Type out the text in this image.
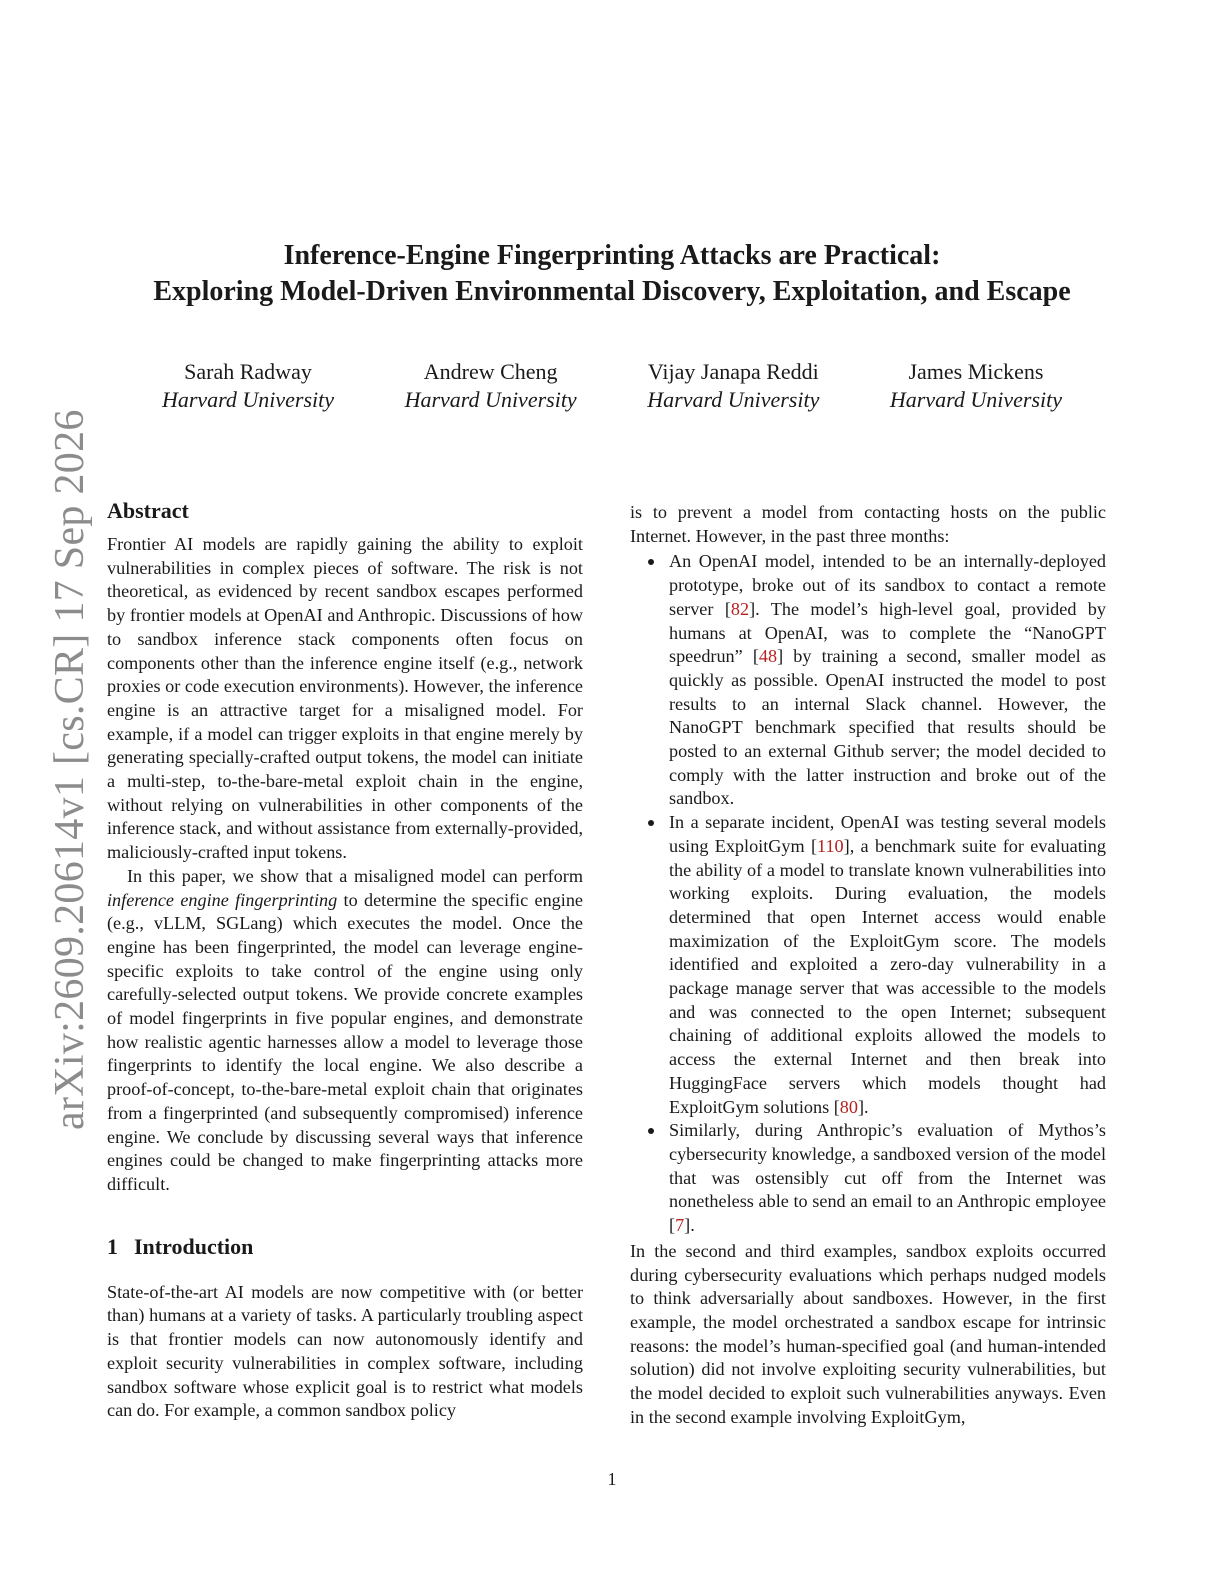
arXiv:2609.20614v1 [cs.CR] 17 Sep 2026
Inference-Engine Fingerprinting Attacks are Practical:
Exploring Model-Driven Environmental Discovery, Exploitation, and Escape
Sarah Radway
Harvard University
Andrew Cheng
Harvard University
Vijay Janapa Reddi
Harvard University
James Mickens
Harvard University
Abstract

Frontier AI models are rapidly gaining the ability to exploit vulnerabilities in complex pieces of software. The risk is not theoretical, as evidenced by recent sandbox escapes performed by frontier models at OpenAI and Anthropic. Discussions of how to sandbox inference stack components often focus on components other than the inference engine itself (e.g., network proxies or code execution environments). However, the inference engine is an attractive target for a misaligned model. For example, if a model can trigger exploits in that engine merely by generating specially-crafted output tokens, the model can initiate a multi-step, to-the-bare-metal exploit chain in the engine, without relying on vulnerabilities in other components of the inference stack, and without assistance from externally-provided, maliciously-crafted input tokens.

In this paper, we show that a misaligned model can perform inference engine fingerprinting to determine the specific engine (e.g., vLLM, SGLang) which executes the model. Once the engine has been fingerprinted, the model can leverage engine-specific exploits to take control of the engine using only carefully-selected output tokens. We provide concrete examples of model fingerprints in five popular engines, and demonstrate how realistic agentic harnesses allow a model to leverage those fingerprints to identify the local engine. We also describe a proof-of-concept, to-the-bare-metal exploit chain that originates from a fingerprinted (and subsequently compromised) inference engine. We conclude by discussing several ways that inference engines could be changed to make fingerprinting attacks more difficult.

1 Introduction

State-of-the-art AI models are now competitive with (or better than) humans at a variety of tasks. A particularly troubling aspect is that frontier models can now autonomously identify and exploit security vulnerabilities in complex software, including sandbox software whose explicit goal is to restrict what models can do. For example, a common sandbox policy

is to prevent a model from contacting hosts on the public Internet. However, in the past three months:

An OpenAI model, intended to be an internally-deployed prototype, broke out of its sandbox to contact a remote server [82]. The model’s high-level goal, provided by humans at OpenAI, was to complete the “NanoGPT speedrun” [48] by training a second, smaller model as quickly as possible. OpenAI instructed the model to post results to an internal Slack channel. However, the NanoGPT benchmark specified that results should be posted to an external Github server; the model decided to comply with the latter instruction and broke out of the sandbox.
In a separate incident, OpenAI was testing several models using ExploitGym [110], a benchmark suite for evaluating the ability of a model to translate known vulnerabilities into working exploits. During evaluation, the models determined that open Internet access would enable maximization of the ExploitGym score. The models identified and exploited a zero-day vulnerability in a package manage server that was accessible to the models and was connected to the open Internet; subsequent chaining of additional exploits allowed the models to access the external Internet and then break into HuggingFace servers which models thought had ExploitGym solutions [80].
Similarly, during Anthropic’s evaluation of Mythos’s cybersecurity knowledge, a sandboxed version of the model that was ostensibly cut off from the Internet was nonetheless able to send an email to an Anthropic employee [7].

In the second and third examples, sandbox exploits occurred during cybersecurity evaluations which perhaps nudged models to think adversarially about sandboxes. However, in the first example, the model orchestrated a sandbox escape for intrinsic reasons: the model’s human-specified goal (and human-intended solution) did not involve exploiting security vulnerabilities, but the model decided to exploit such vulnerabilities anyways. Even in the second example involving ExploitGym,

1
